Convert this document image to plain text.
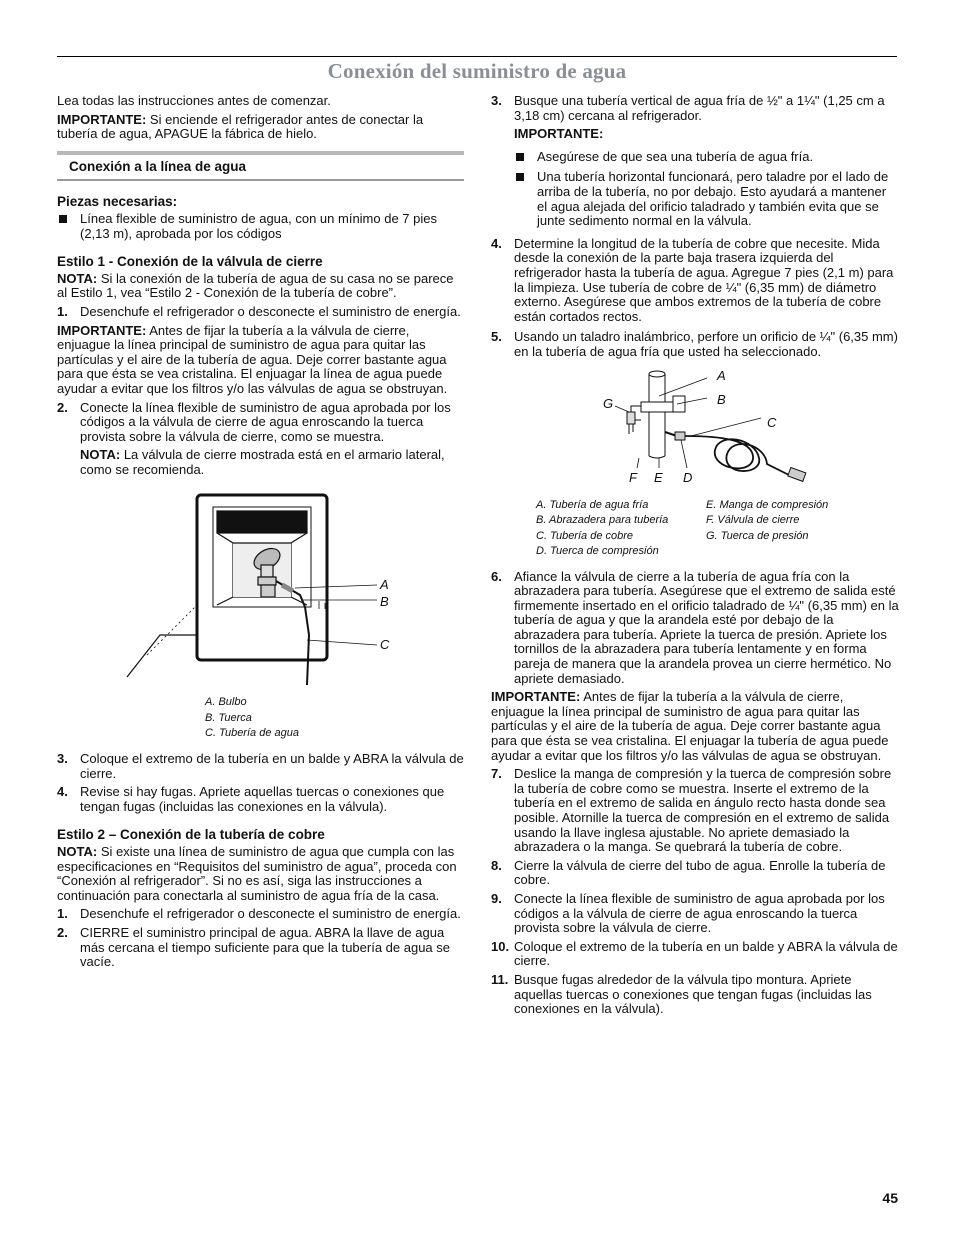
Conexión del suministro de agua

Lea todas las instrucciones antes de comenzar.

IMPORTANTE: Si enciende el refrigerador antes de conectar la tubería de agua, APAGUE la fábrica de hielo.

Conexión a la línea de agua
Piezas necesarias:
Línea flexible de suministro de agua, con un mínimo de 7 pies (2,13 m), aprobada por los códigos
Estilo 1 - Conexión de la válvula de cierre

NOTA: Si la conexión de la tubería de agua de su casa no se parece al Estilo 1, vea “Estilo 2 - Conexión de la tubería de cobre”.

1. Desenchufe el refrigerador o desconecte el suministro de energía.

IMPORTANTE: Antes de fijar la tubería a la válvula de cierre, enjuague la línea principal de suministro de agua para quitar las partículas y el aire de la tubería de agua. Deje correr bastante agua para que ésta se vea cristalina. El enjuagar la línea de agua puede ayudar a evitar que los filtros y/o las válvulas de agua se obstruyan.

2. Conecte la línea flexible de suministro de agua aprobada por los códigos a la válvula de cierre de agua enroscando la tuerca provista sobre la válvula de cierre, como se muestra.

NOTA: La válvula de cierre mostrada está en el armario lateral, como se recomienda.

A
B
C
A. Bulbo
B. Tuerca
C. Tubería de agua
3. Coloque el extremo de la tubería en un balde y ABRA la válvula de cierre.
4. Revise si hay fugas. Apriete aquellas tuercas o conexiones que tengan fugas (incluidas las conexiones en la válvula).
Estilo 2 – Conexión de la tubería de cobre

NOTA: Si existe una línea de suministro de agua que cumpla con las especificaciones en “Requisitos del suministro de agua”, proceda con “Conexión al refrigerador”. Si no es así, siga las instrucciones a continuación para conectarla al suministro de agua fría de la casa.

1. Desenchufe el refrigerador o desconecte el suministro de energía.
2. CIERRE el suministro principal de agua. ABRA la llave de agua más cercana el tiempo suficiente para que la tubería de agua se vacíe.
3. Busque una tubería vertical de agua fría de ½" a 1¼" (1,25 cm a 3,18 cm) cercana al refrigerador.

IMPORTANTE:

Asegúrese de que sea una tubería de agua fría.
Una tubería horizontal funcionará, pero taladre por el lado de arriba de la tubería, no por debajo. Esto ayudará a mantener el agua alejada del orificio taladrado y también evita que se junte sedimento normal en la válvula.
4. Determine la longitud de la tubería de cobre que necesite. Mida desde la conexión de la parte baja trasera izquierda del refrigerador hasta la tubería de agua. Agregue 7 pies (2,1 m) para la limpieza. Use tubería de cobre de ¼" (6,35 mm) de diámetro externo. Asegúrese que ambos extremos de la tubería de cobre están cortados rectos.
5. Usando un taladro inalámbrico, perfore un orificio de ¼" (6,35 mm) en la tubería de agua fría que usted ha seleccionado.
A
B
C
G
F E D
A. Tubería de agua fría	E. Manga de compresión
B. Abrazadera para tubería	F. Válvula de cierre
C. Tubería de cobre	G. Tuerca de presión
D. Tuerca de compresión
6. Afiance la válvula de cierre a la tubería de agua fría con la abrazadera para tubería. Asegúrese que el extremo de salida esté firmemente insertado en el orificio taladrado de ¼" (6,35 mm) en la tubería de agua y que la arandela esté por debajo de la abrazadera para tubería. Apriete la tuerca de presión. Apriete los tornillos de la abrazadera para tubería lentamente y en forma pareja de manera que la arandela provea un cierre hermético. No apriete demasiado.

IMPORTANTE: Antes de fijar la tubería a la válvula de cierre, enjuague la línea principal de suministro de agua para quitar las partículas y el aire de la tubería de agua. Deje correr bastante agua para que ésta se vea cristalina. El enjuagar la tubería de agua puede ayudar a evitar que los filtros y/o las válvulas de agua se obstruyan.

7. Deslice la manga de compresión y la tuerca de compresión sobre la tubería de cobre como se muestra. Inserte el extremo de la tubería en el extremo de salida en ángulo recto hasta donde sea posible. Atornille la tuerca de compresión en el extremo de salida usando la llave inglesa ajustable. No apriete demasiado la abrazadera o la manga. Se quebrará la tubería de cobre.
8. Cierre la válvula de cierre del tubo de agua. Enrolle la tubería de cobre.
9. Conecte la línea flexible de suministro de agua aprobada por los códigos a la válvula de cierre de agua enroscando la tuerca provista sobre la válvula de cierre.
10. Coloque el extremo de la tubería en un balde y ABRA la válvula de cierre.
11. Busque fugas alrededor de la válvula tipo montura. Apriete aquellas tuercas o conexiones que tengan fugas (incluidas las conexiones en la válvula).
45
